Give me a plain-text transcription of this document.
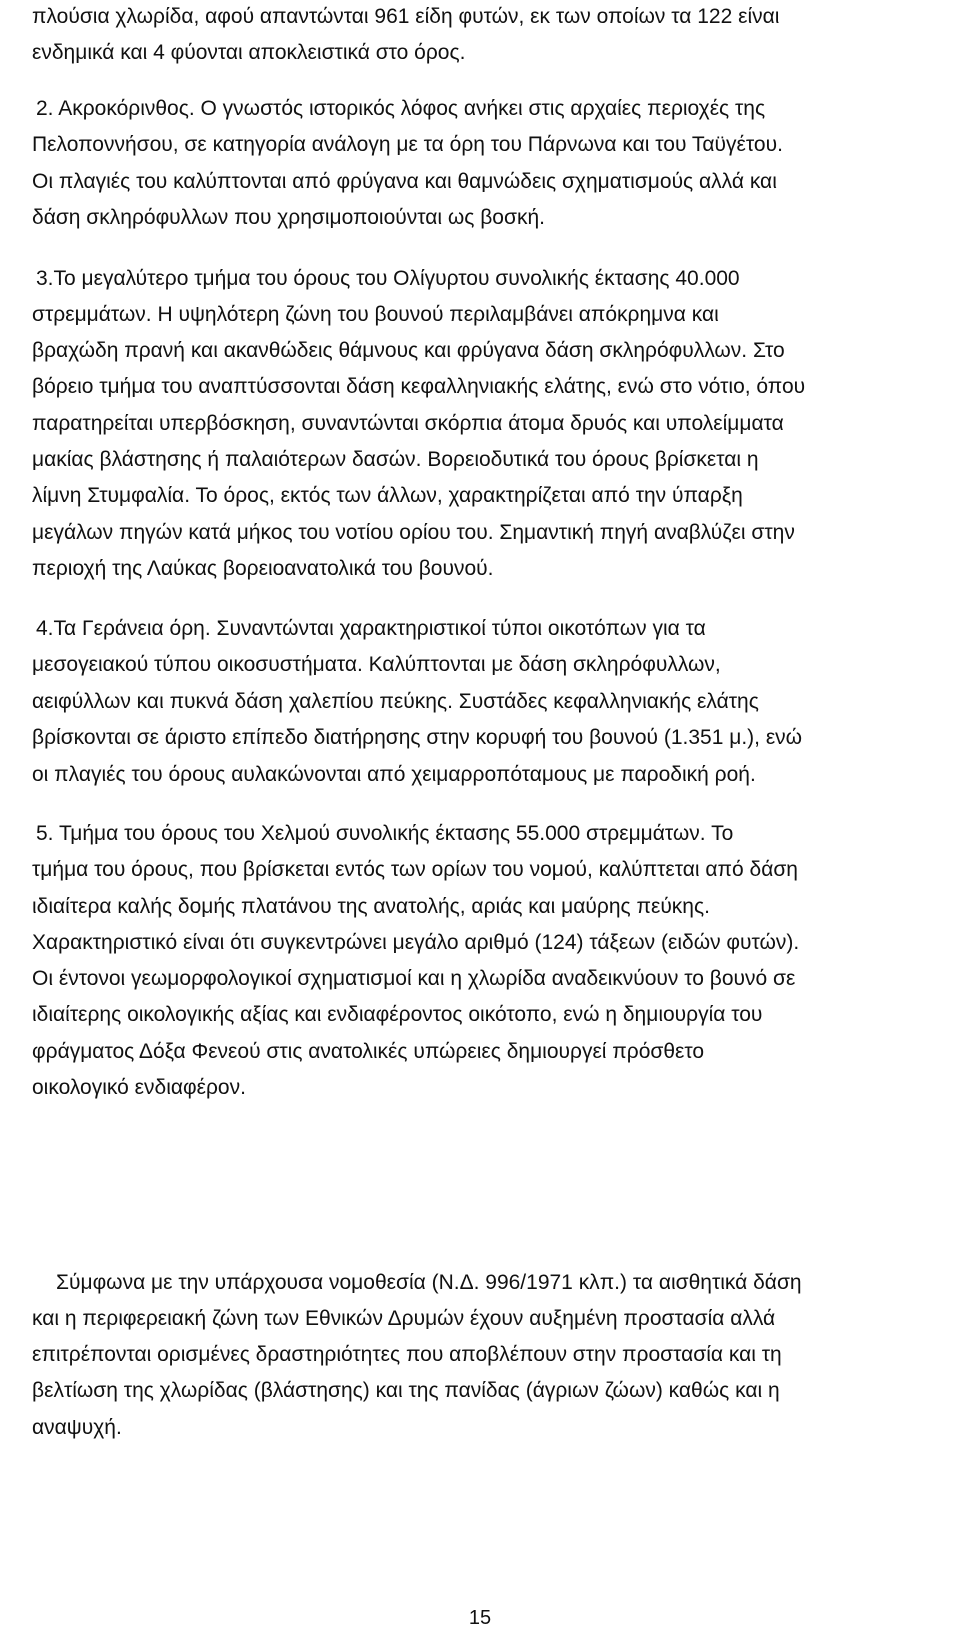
πλούσια χλωρίδα, αφού απαντώνται 961 είδη φυτών, εκ των οποίων τα 122 είναι
ενδημικά και 4 φύονται αποκλειστικά στο όρος.
2. Ακροκόρινθος. Ο γνωστός ιστορικός λόφος ανήκει στις αρχαίες περιοχές της
Πελοποννήσου, σε κατηγορία ανάλογη με τα όρη του Πάρνωνα και του Ταϋγέτου.
Οι πλαγιές του καλύπτονται από φρύγανα και θαμνώδεις σχηματισμούς αλλά και
δάση σκληρόφυλλων που χρησιμοποιούνται ως βοσκή.
3.Το μεγαλύτερο τμήμα του όρους του Ολίγυρτου συνολικής έκτασης 40.000
στρεμμάτων. Η υψηλότερη ζώνη του βουνού περιλαμβάνει απόκρημνα και
βραχώδη πρανή και ακανθώδεις θάμνους και φρύγανα δάση σκληρόφυλλων. Στο
βόρειο τμήμα του αναπτύσσονται δάση κεφαλληνιακής ελάτης, ενώ στο νότιο, όπου
παρατηρείται υπερβόσκηση, συναντώνται σκόρπια άτομα δρυός και υπολείμματα
μακίας βλάστησης ή παλαιότερων δασών. Βορειοδυτικά του όρους βρίσκεται η
λίμνη Στυμφαλία. Το όρος, εκτός των άλλων, χαρακτηρίζεται από την ύπαρξη
μεγάλων πηγών κατά μήκος του νοτίου ορίου του. Σημαντική πηγή αναβλύζει στην
περιοχή της Λαύκας βορειοανατολικά του βουνού.
4.Τα Γεράνεια όρη. Συναντώνται χαρακτηριστικοί τύποι οικοτόπων για τα
μεσογειακού τύπου οικοσυστήματα. Καλύπτονται με δάση σκληρόφυλλων,
αειφύλλων και πυκνά δάση χαλεπίου πεύκης. Συστάδες κεφαλληνιακής ελάτης
βρίσκονται σε άριστο επίπεδο διατήρησης στην κορυφή του βουνού (1.351 μ.), ενώ
οι πλαγιές του όρους αυλακώνονται από χειμαρροπόταμους με παροδική ροή.
5. Τμήμα του όρους του Χελμού συνολικής έκτασης 55.000 στρεμμάτων. Το
τμήμα του όρους, που βρίσκεται εντός των ορίων του νομού, καλύπτεται από δάση
ιδιαίτερα καλής δομής πλατάνου της ανατολής, αριάς και μαύρης πεύκης.
Χαρακτηριστικό είναι ότι συγκεντρώνει μεγάλο αριθμό (124) τάξεων (ειδών φυτών).
Οι έντονοι γεωμορφολογικοί σχηματισμοί και η χλωρίδα αναδεικνύουν το βουνό σε
ιδιαίτερης οικολογικής αξίας και ενδιαφέροντος οικότοπο, ενώ η δημιουργία του
φράγματος Δόξα Φενεού στις ανατολικές υπώρειες δημιουργεί πρόσθετο
οικολογικό ενδιαφέρον.
Σύμφωνα με την υπάρχουσα νομοθεσία (Ν.Δ. 996/1971 κλπ.) τα αισθητικά δάση
και η περιφερειακή ζώνη των Εθνικών Δρυμών έχουν αυξημένη προστασία αλλά
επιτρέπονται ορισμένες δραστηριότητες που αποβλέπουν στην προστασία και τη
βελτίωση της χλωρίδας (βλάστησης) και της πανίδας (άγριων ζώων) καθώς και η
αναψυχή.
15
